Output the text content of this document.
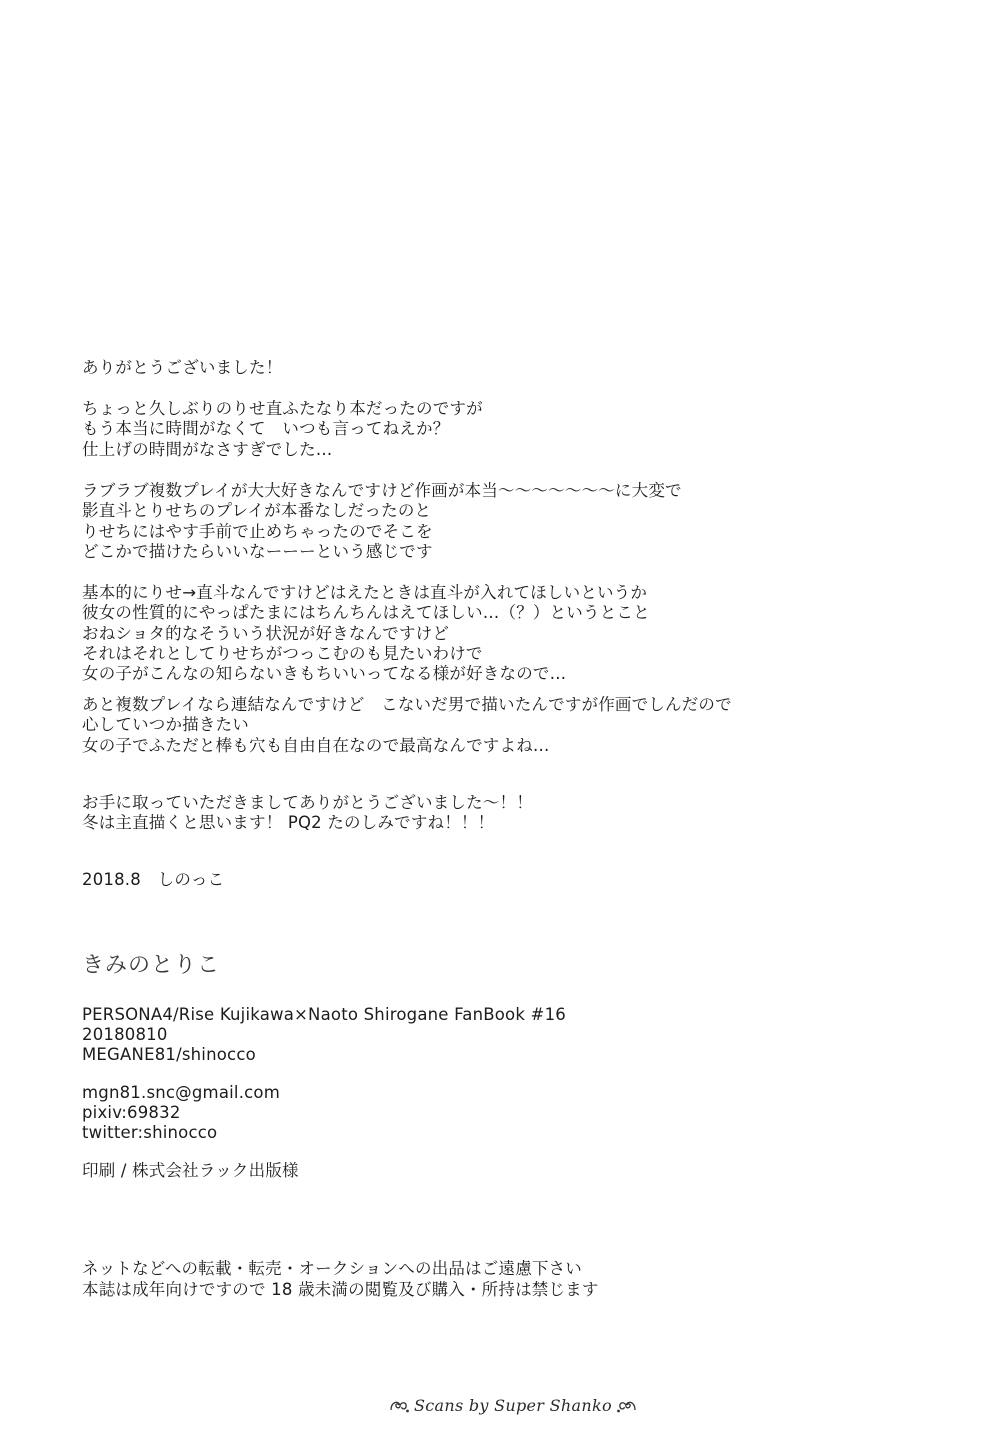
ありがとうございました！
ちょっと久しぶりのりせ直ふたなり本だったのですが
もう本当に時間がなくて　いつも言ってねえか？
仕上げの時間がなさすぎでした…
ラブラブ複数プレイが大大好きなんですけど作画が本当〜〜〜〜〜〜〜に大変で
影直斗とりせちのプレイが本番なしだったのと
りせちにはやす手前で止めちゃったのでそこを
どこかで描けたらいいなーーーという感じです
基本的にりせ→直斗なんですけどはえたときは直斗が入れてほしいというか
彼女の性質的にやっぱたまにはちんちんはえてほしい…（？）というとこと
おねショタ的なそういう状況が好きなんですけど
それはそれとしてりせちがつっこむのも見たいわけで
女の子がこんなの知らないきもちいいってなる様が好きなので…
あと複数プレイなら連結なんですけど　こないだ男で描いたんですが作画でしんだので
心していつか描きたい
女の子でふただと棒も穴も自由自在なので最高なんですよね…
お手に取っていただきましてありがとうございました〜！！
冬は主直描くと思います！ PQ2 たのしみですね！！！
2018.8　しのっこ
きみのとりこ
PERSONA4/Rise Kujikawa×Naoto Shirogane FanBook #16
20180810
MEGANE81/shinocco
mgn81.snc@gmail.com
pixiv:69832
twitter:shinocco
印刷 / 株式会社ラック出版様
ネットなどへの転載・転売・オークションへの出品はご遠慮下さい
本誌は成年向けですので 18 歳未満の閲覧及び購入・所持は禁じます
Scans by Super Shanko
